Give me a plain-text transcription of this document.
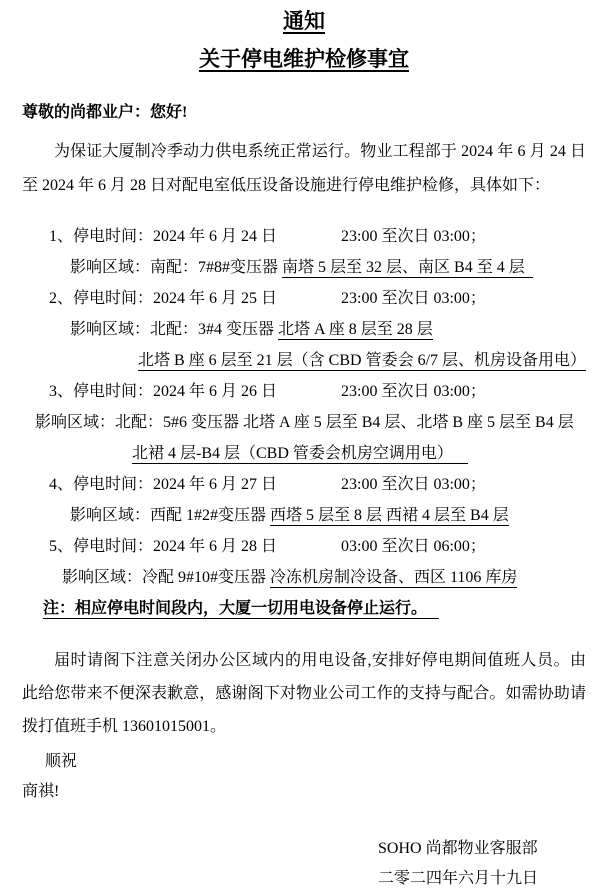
通知
关于停电维护检修事宜
尊敬的尚都业户：您好!
为保证大厦制冷季动力供电系统正常运行。物业工程部于 2024 年 6 月 24 日
至 2024 年 6 月 28 日对配电室低压设备设施进行停电维护检修，具体如下：
1、停电时间：2024 年 6 月 24 日	23:00 至次日 03:00；
影响区域：南配：7#8#变压器 南塔 5 层至 32 层、南区 B4 至 4 层
2、停电时间：2024 年 6 月 25 日	23:00 至次日 03:00；
影响区域：北配：3#4 变压器 北塔 A 座 8 层至 28 层
北塔 B 座 6 层至 21 层（含 CBD 管委会 6/7 层、机房设备用电）
3、停电时间：2024 年 6 月 26 日	23:00 至次日 03:00；
影响区域：北配：5#6 变压器 北塔 A 座 5 层至 B4 层、北塔 B 座 5 层至 B4 层
北裙 4 层-B4 层（CBD 管委会机房空调用电）
4、停电时间：2024 年 6 月 27 日	23:00 至次日 03:00；
影响区域：西配 1#2#变压器 西塔 5 层至 8 层 西裙 4 层至 B4 层
5、停电时间：2024 年 6 月 28 日	03:00 至次日 06:00；
影响区域：冷配 9#10#变压器 冷冻机房制冷设备、西区 1106 库房
注：相应停电时间段内，大厦一切用电设备停止运行。
届时请阁下注意关闭办公区域内的用电设备,安排好停电期间值班人员。由
此给您带来不便深表歉意，感谢阁下对物业公司工作的支持与配合。如需协助请
拨打值班手机 13601015001。
顺祝
商祺!
SOHO 尚都物业客服部
二零二四年六月十九日
